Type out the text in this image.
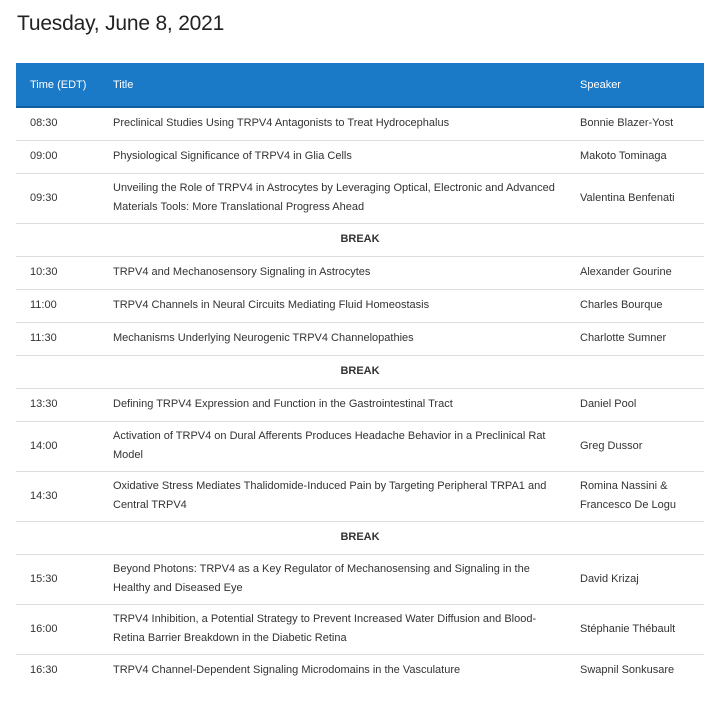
Tuesday, June 8, 2021
Time (EDT)	Title	Speaker
08:30	Preclinical Studies Using TRPV4 Antagonists to Treat Hydrocephalus	Bonnie Blazer-Yost
09:00	Physiological Significance of TRPV4 in Glia Cells	Makoto Tominaga
09:30	Unveiling the Role of TRPV4 in Astrocytes by Leveraging Optical, Electronic and Advanced Materials Tools: More Translational Progress Ahead	Valentina Benfenati
BREAK		
10:30	TRPV4 and Mechanosensory Signaling in Astrocytes	Alexander Gourine
11:00	TRPV4 Channels in Neural Circuits Mediating Fluid Homeostasis	Charles Bourque
11:30	Mechanisms Underlying Neurogenic TRPV4 Channelopathies	Charlotte Sumner
BREAK		
13:30	Defining TRPV4 Expression and Function in the Gastrointestinal Tract	Daniel Pool
14:00	Activation of TRPV4 on Dural Afferents Produces Headache Behavior in a Preclinical Rat Model	Greg Dussor
14:30	Oxidative Stress Mediates Thalidomide-Induced Pain by Targeting Peripheral TRPA1 and Central TRPV4	Romina Nassini & Francesco De Logu
BREAK		
15:30	Beyond Photons: TRPV4 as a Key Regulator of Mechanosensing and Signaling in the Healthy and Diseased Eye	David Krizaj
16:00	TRPV4 Inhibition, a Potential Strategy to Prevent Increased Water Diffusion and Blood-Retina Barrier Breakdown in the Diabetic Retina	Stéphanie Thébault
16:30	TRPV4 Channel-Dependent Signaling Microdomains in the Vasculature	Swapnil Sonkusare
